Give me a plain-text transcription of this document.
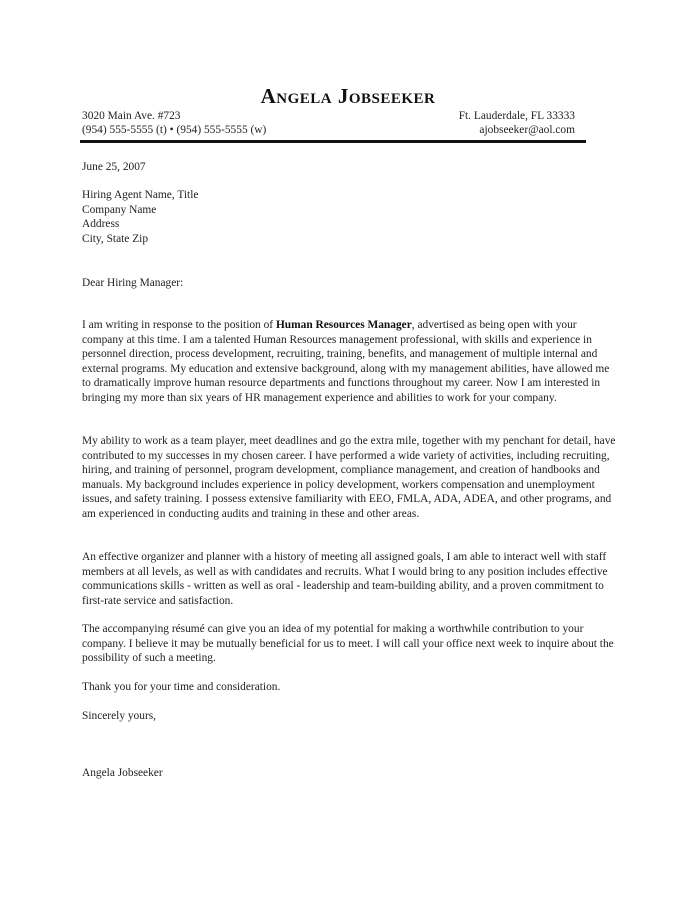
Angela Jobseeker
3020 Main Ave. #723	Ft. Lauderdale, FL 33333
(954) 555-5555 (t) • (954) 555-5555 (w)	ajobseeker@aol.com
June 25, 2007

Hiring Agent Name, Title

Company Name

Address

City, State Zip

Dear Hiring Manager:
I am writing in response to the position of Human Resources Manager, advertised as being open with your company at this time. I am a talented Human Resources management professional, with skills and experience in personnel direction, process development, recruiting, training, benefits, and management of multiple internal and external programs. My education and extensive background, along with my management abilities, have allowed me to dramatically improve human resource departments and functions throughout my career. Now I am interested in bringing my more than six years of HR management experience and abilities to work for your company.
My ability to work as a team player, meet deadlines and go the extra mile, together with my penchant for detail, have contributed to my successes in my chosen career. I have performed a wide variety of activities, including recruiting, hiring, and training of personnel, program development, compliance management, and creation of handbooks and manuals. My background includes experience in policy development, workers compensation and unemployment issues, and safety training. I possess extensive familiarity with EEO, FMLA, ADA, ADEA, and other programs, and am experienced in conducting audits and training in these and other areas.
An effective organizer and planner with a history of meeting all assigned goals, I am able to interact well with staff members at all levels, as well as with candidates and recruits. What I would bring to any position includes effective communications skills - written as well as oral - leadership and team-building ability, and a proven commitment to first-rate service and satisfaction.
The accompanying résumé can give you an idea of my potential for making a worthwhile contribution to your company. I believe it may be mutually beneficial for us to meet. I will call your office next week to inquire about the possibility of such a meeting.
Thank you for your time and consideration.
Sincerely yours,
Angela Jobseeker
